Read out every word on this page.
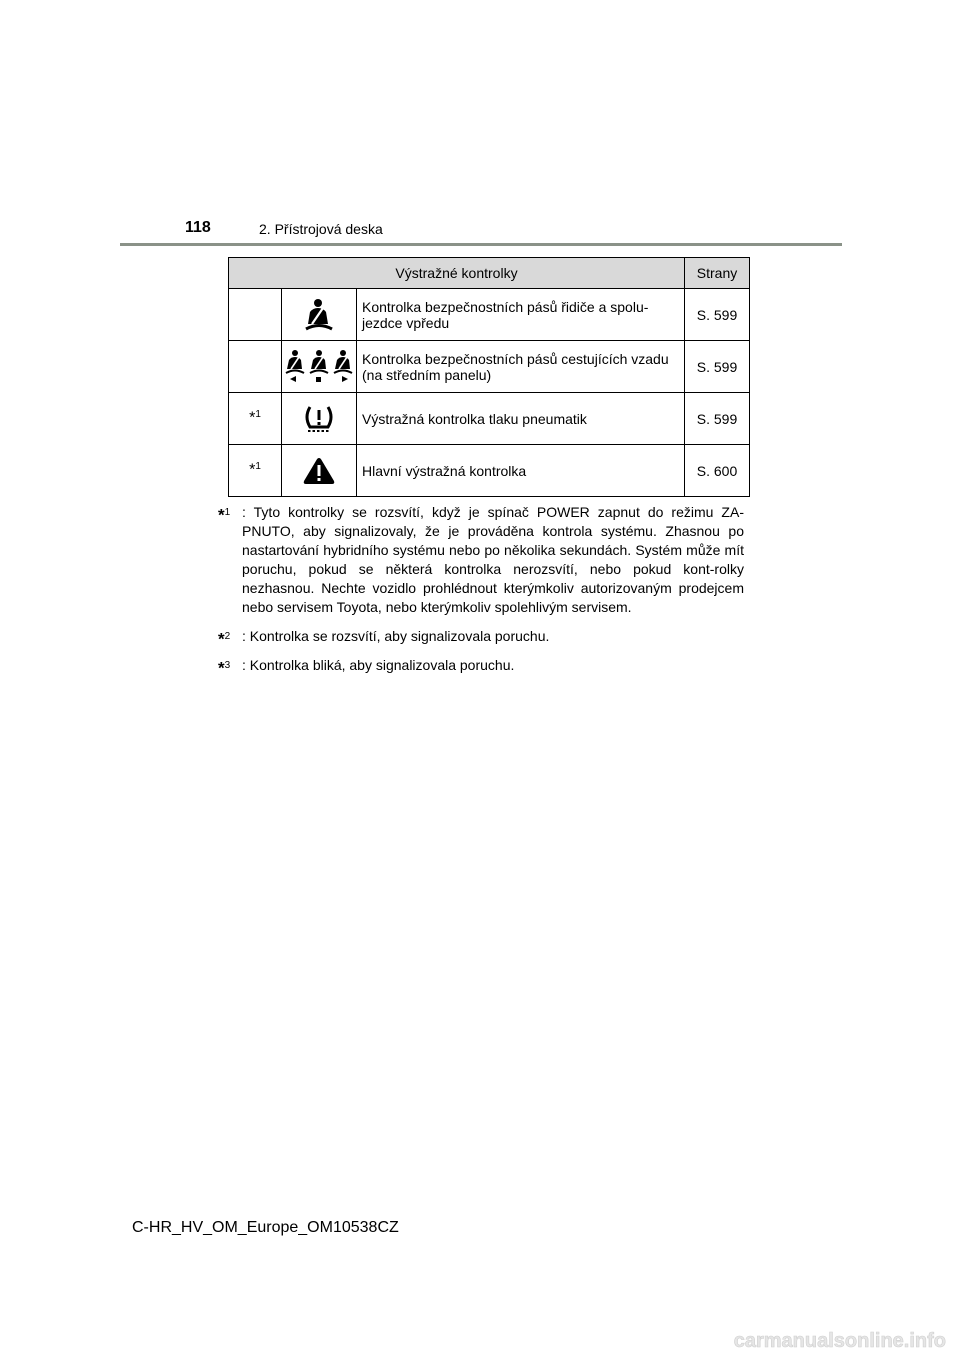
118	2. Přístrojová deska
Výstražné kontrolky			Strany
		Kontrolka bezpečnostních pásů řidiče a spolu-jezdce vpředu	S. 599
		Kontrolka bezpečnostních pásů cestujících vzadu (na středním panelu)	S. 599
*$^1$		Výstražná kontrolka tlaku pneumatik	S. 599
*$^1$		Hlavní výstražná kontrolka	S. 600
*$^1$ : Tyto kontrolky se rozsvítí, když je spínač POWER zapnut do režimu ZA-PNUTO, aby signalizovaly, že je prováděna kontrola systému. Zhasnou po nastartování hybridního systému nebo po několika sekundách. Systém může mít poruchu, pokud se některá kontrolka nerozsvítí, nebo pokud kont-rolky nezhasnou. Nechte vozidlo prohlédnout kterýmkoliv autorizovaným prodejcem nebo servisem Toyota, nebo kterýmkoliv spolehlivým servisem.
*$^2$ : Kontrolka se rozsvítí, aby signalizovala poruchu.
*$^3$ : Kontrolka bliká, aby signalizovala poruchu.
C-HR_HV_OM_Europe_OM10538CZ
carmanualsonline.info
